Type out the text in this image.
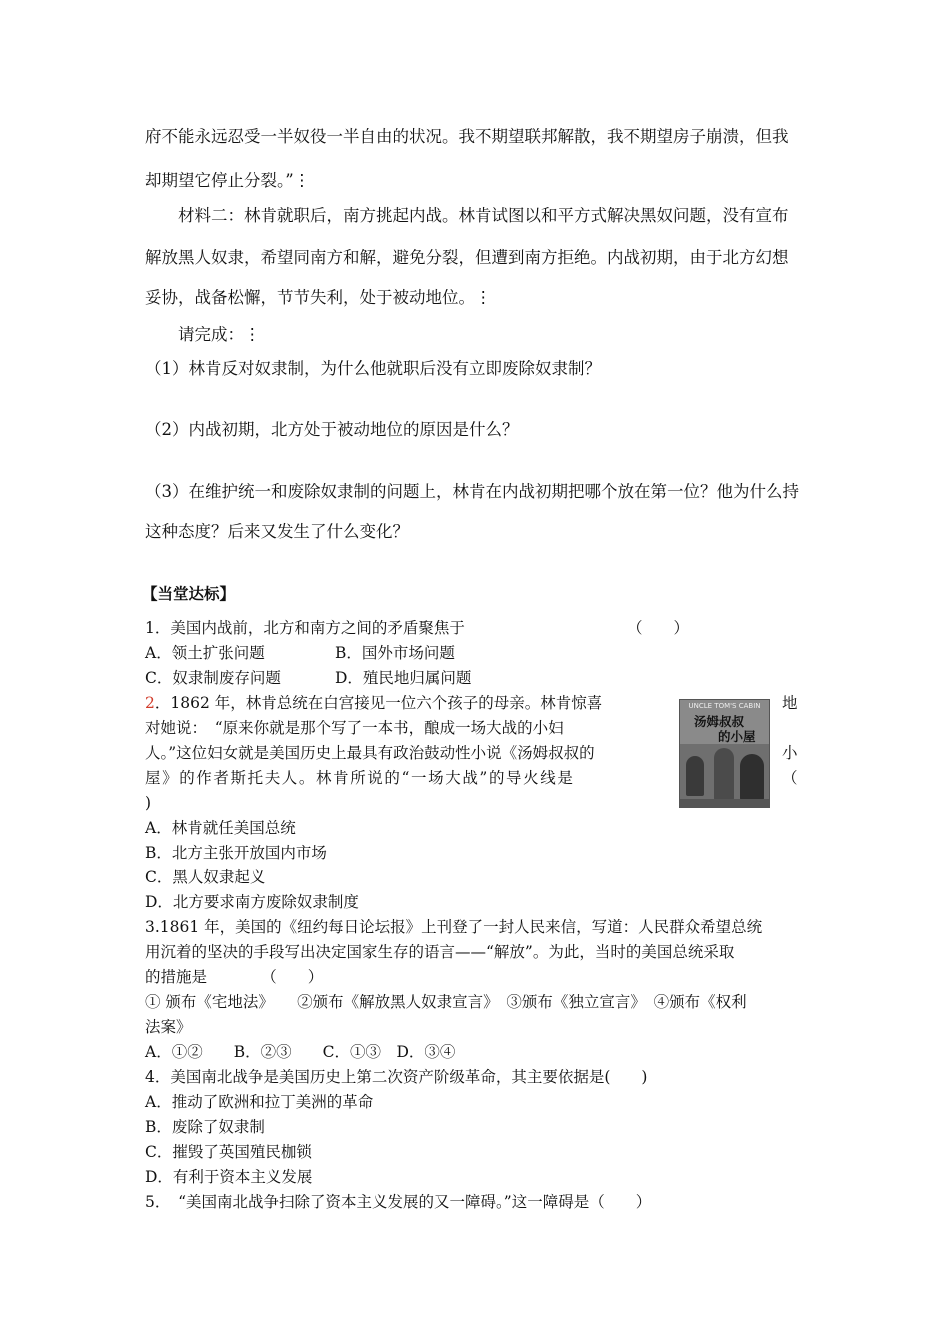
府不能永远忍受一半奴役一半自由的状况。我不期望联邦解散，我不期望房子崩溃，但我
却期望它停止分裂。”⋮
材料二：林肯就职后，南方挑起内战。林肯试图以和平方式解决黑奴问题，没有宣布
解放黑人奴隶，希望同南方和解，避免分裂，但遭到南方拒绝。内战初期，由于北方幻想
妥协，战备松懈，节节失利，处于被动地位。⋮
请完成：⋮
（1）林肯反对奴隶制，为什么他就职后没有立即废除奴隶制？
（2）内战初期，北方处于被动地位的原因是什么？
（3）在维护统一和废除奴隶制的问题上，林肯在内战初期把哪个放在第一位？他为什么持
这种态度？后来又发生了什么变化？
【当堂达标】
1．美国内战前，北方和南方之间的矛盾聚焦于	（　　）
A．领土扩张问题	B．国外市场问题
C．奴隶制废存问题	D．殖民地归属问题
2．1862 年，林肯总统在白宫接见一位六个孩子的母亲。林肯惊喜	地
对她说：　“原来你就是那个写了一本书，酿成一场大战的小妇
人。”这位妇女就是美国历史上最具有政治鼓动性小说《汤姆叔叔的	小
屋》的作者斯托夫人。林肯所说的“一场大战”的导火线是	（
)
UNCLE TOM'S CABIN
汤姆叔叔
的小屋
A．林肯就任美国总统
B．北方主张开放国内市场
C．黑人奴隶起义
D．北方要求南方废除奴隶制度
3.1861 年，美国的《纽约每日论坛报》上刊登了一封人民来信，写道：人民群众希望总统
用沉着的坚决的手段写出决定国家生存的语言——“解放”。为此，当时的美国总统采取
的措施是　　　　（　　）
① 颁布《宅地法》　　②颁布《解放黑人奴隶宣言》　③颁布《独立宣言》　④颁布《权利
法案》
A．①②　　B．②③　　C．①③　D．③④
4．美国南北战争是美国历史上第二次资产阶级革命，其主要依据是(　　)
A．推动了欧洲和拉丁美洲的革命
B．废除了奴隶制
C．摧毁了英国殖民枷锁
D．有利于资本主义发展
5．　“美国南北战争扫除了资本主义发展的又一障碍。”这一障碍是（　　）
